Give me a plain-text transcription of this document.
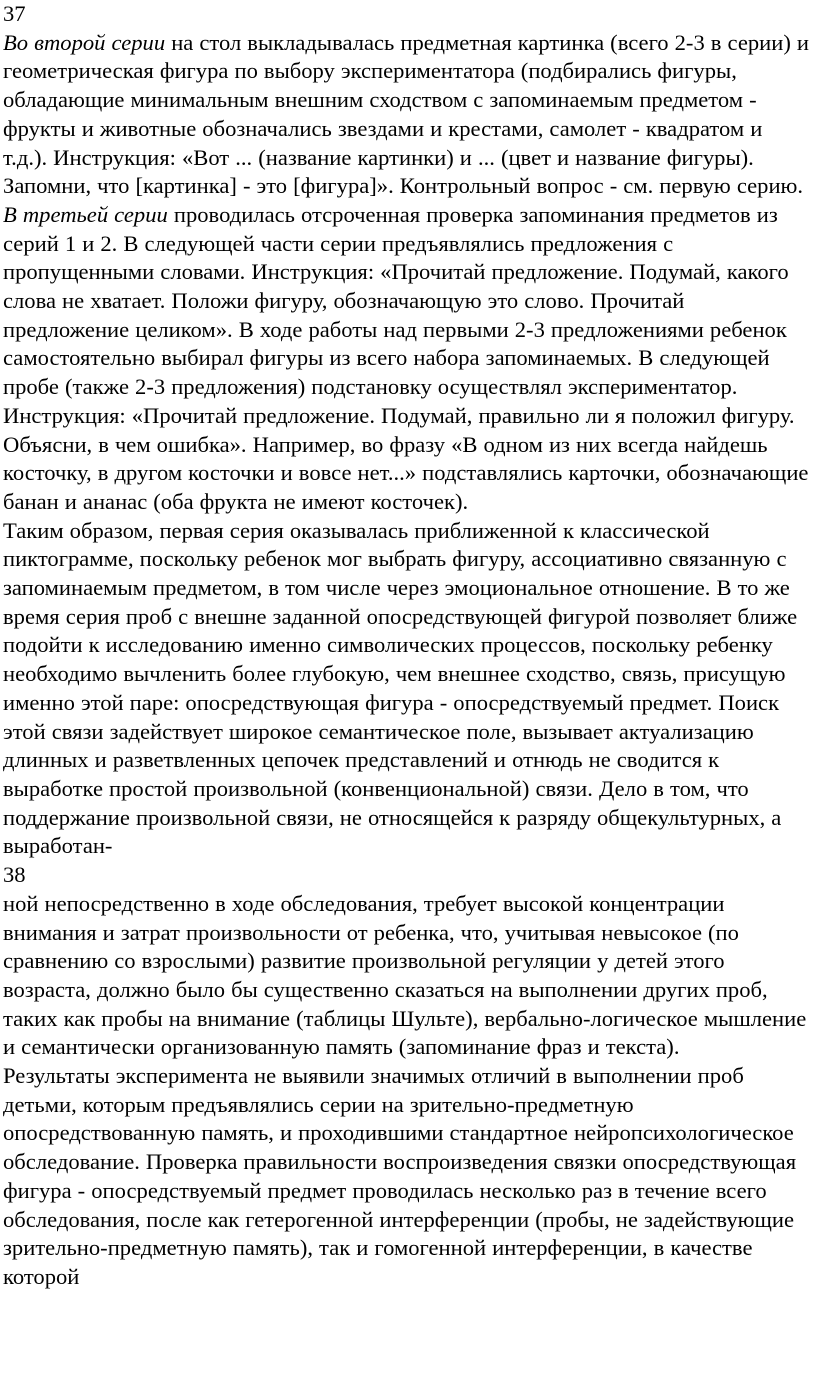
37

Во второй серии на стол выкладывалась предметная картинка (всего 2-3 в серии) и геометрическая фигура по выбору экспериментатора (подбирались фигуры, обладающие минимальным внешним сходством с запоминаемым предметом - фрукты и животные обозначались звездами и крестами, самолет - квадратом и т.д.). Инструкция: «Вот ... (название картинки) и ... (цвет и название фигуры). Запомни, что [картинка] - это [фигура]». Контрольный вопрос - см. первую серию.

В третьей серии проводилась отсроченная проверка запоминания предметов из серий 1 и 2. В следующей части серии предъявлялись предложения с пропущенными словами. Инструкция: «Прочитай предложение. Подумай, какого слова не хватает. Положи фигуру, обозначающую это слово. Прочитай предложение целиком». В ходе работы над первыми 2-3 предложениями ребенок самостоятельно выбирал фигуры из всего набора запоминаемых. В следующей пробе (также 2-3 предложения) подстановку осуществлял экспериментатор. Инструкция: «Прочитай предложение. Подумай, правильно ли я положил фигуру. Объясни, в чем ошибка». Например, во фразу «В одном из них всегда найдешь косточку, в другом косточки и вовсе нет...» подставлялись карточки, обозначающие банан и ананас (оба фрукта не имеют косточек).

Таким образом, первая серия оказывалась приближенной к классической пиктограмме, поскольку ребенок мог выбрать фигуру, ассоциативно связанную с запоминаемым предметом, в том числе через эмоциональное отношение. В то же время серия проб с внешне заданной опосредствующей фигурой позволяет ближе подойти к исследованию именно символических процессов, поскольку ребенку необходимо вычленить более глубокую, чем внешнее сходство, связь, присущую именно этой паре: опосредствующая фигура - опосредствуемый предмет. Поиск этой связи задействует широкое семантическое поле, вызывает актуализацию длинных и разветвленных цепочек представлений и отнюдь не сводится к выработке простой произвольной (конвенциональной) связи. Дело в том, что поддержание произвольной связи, не относящейся к разряду общекультурных, а выработан-

38

ной непосредственно в ходе обследования, требует высокой концентрации внимания и затрат произвольности от ребенка, что, учитывая невысокое (по сравнению со взрослыми) развитие произвольной регуляции у детей этого возраста, должно было бы существенно сказаться на выполнении других проб, таких как пробы на внимание (таблицы Шульте), вербально-логическое мышление и семантически организованную память (запоминание фраз и текста).

Результаты эксперимента не выявили значимых отличий в выполнении проб детьми, которым предъявлялись серии на зрительно-предметную опосредствованную память, и проходившими стандартное нейропсихологическое обследование. Проверка правильности воспроизведения связки опосредствующая фигура - опосредствуемый предмет проводилась несколько раз в течение всего обследования, после как гетерогенной интерференции (пробы, не задействующие зрительно-предметную память), так и гомогенной интерференции, в качестве которой
